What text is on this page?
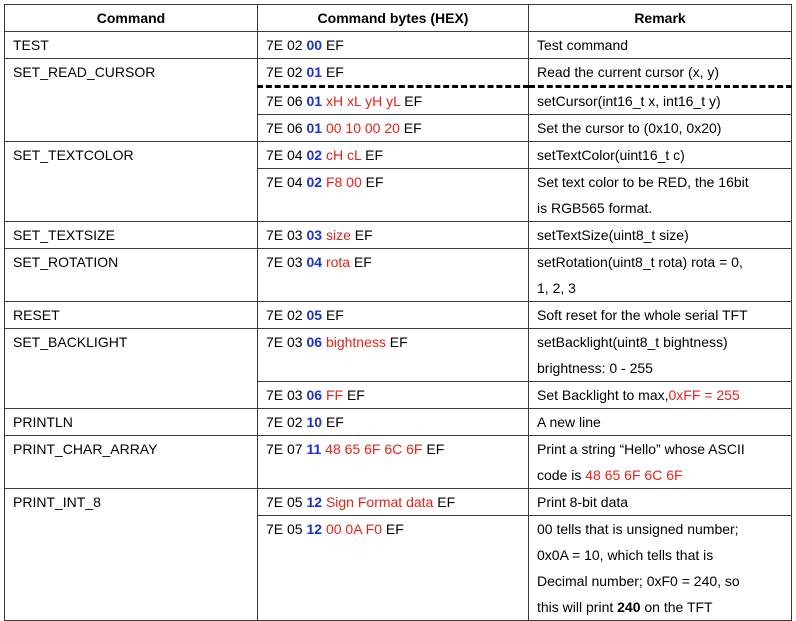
Command	Command bytes (HEX)	Remark
TEST	7E 02 00 EF	Test command
SET_READ_CURSOR	7E 02 01 EF	Read the current cursor (x, y)
	7E 06 01 xH xL yH yL EF	setCursor(int16_t x, int16_t y)
	7E 06 01 00 10 00 20 EF	Set the cursor to (0x10, 0x20)
SET_TEXTCOLOR	7E 04 02 cH cL EF	setTextColor(uint16_t c)
	7E 04 02 F8 00 EF	Set text color to be RED, the 16bit
is RGB565 format.

SET_TEXTSIZE	7E 03 03 size EF	setTextSize(uint8_t size)
SET_ROTATION	7E 03 04 rota EF	setRotation(uint8_t rota) rota = 0,
1, 2, 3

RESET	7E 02 05 EF	Soft reset for the whole serial TFT
SET_BACKLIGHT	7E 03 06 bightness EF	setBacklight(uint8_t bightness)
brightness: 0 - 255

	7E 03 06 FF EF	Set Backlight to max,0xFF = 255
PRINTLN	7E 02 10 EF	A new line
PRINT_CHAR_ARRAY	7E 07 11 48 65 6F 6C 6F EF	Print a string “Hello” whose ASCII
code is 48 65 6F 6C 6F

PRINT_INT_8	7E 05 12 Sign Format data EF	Print 8-bit data
	7E 05 12 00 0A F0 EF	00 tells that is unsigned number;
0x0A = 10, which tells that is
Decimal number; 0xF0 = 240, so
this will print 240 on the TFT
